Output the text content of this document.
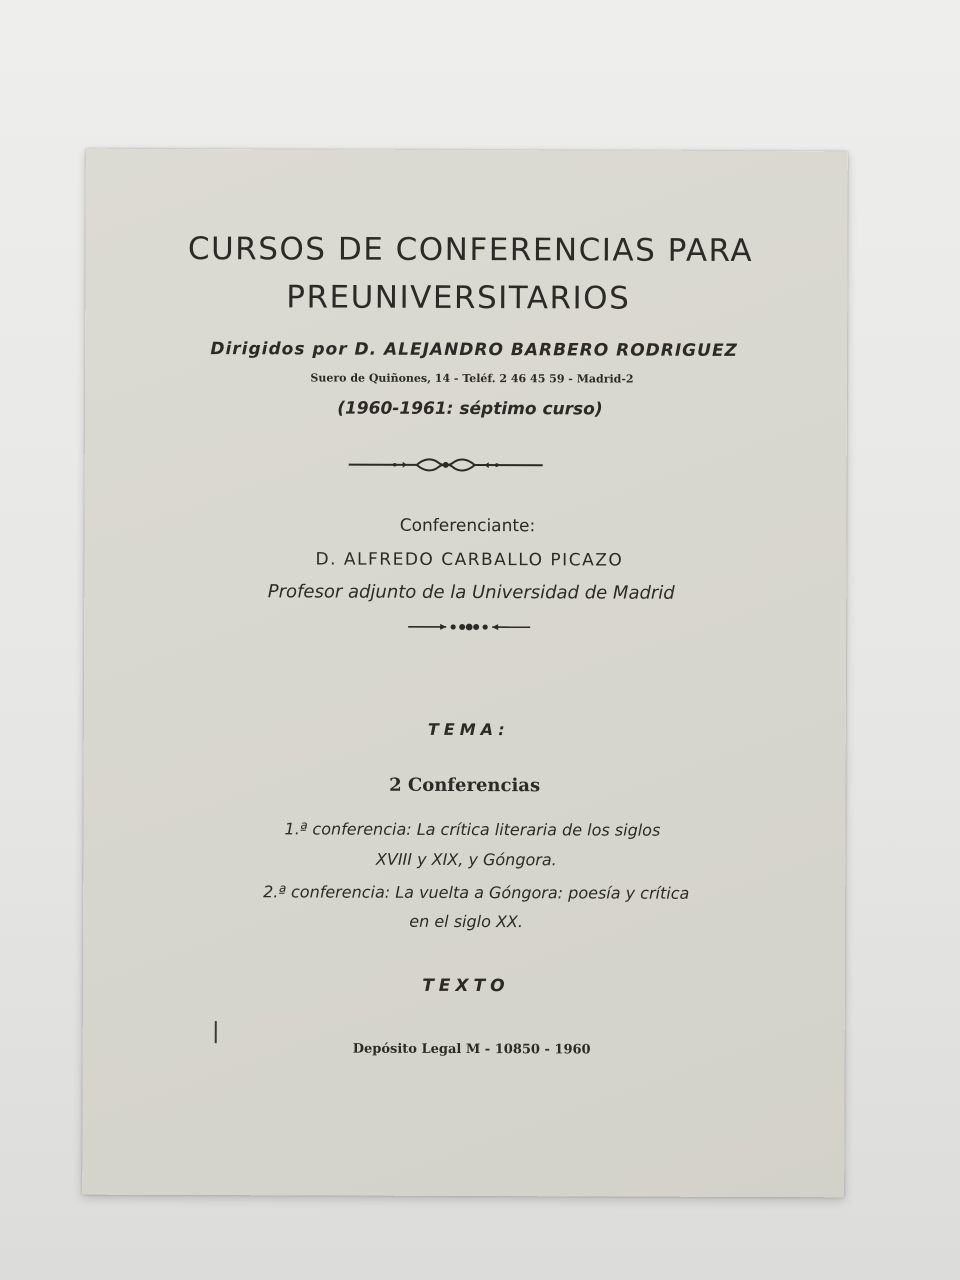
CURSOS DE CONFERENCIAS PARA
PREUNIVERSITARIOS
Dirigidos por D. ALEJANDRO BARBERO RODRIGUEZ
Suero de Quiñones, 14 - Teléf. 2 46 45 59 - Madrid-2
(1960-1961: séptimo curso)
Conferenciante:
D. ALFREDO CARBALLO PICAZO
Profesor adjunto de la Universidad de Madrid
TEMA:
2 Conferencias
1.ª conferencia: La crítica literaria de los siglos
XVIII y XIX, y Góngora.
2.ª conferencia: La vuelta a Góngora: poesía y crítica
en el siglo XX.
TEXTO
Depósito Legal M - 10850 - 1960
